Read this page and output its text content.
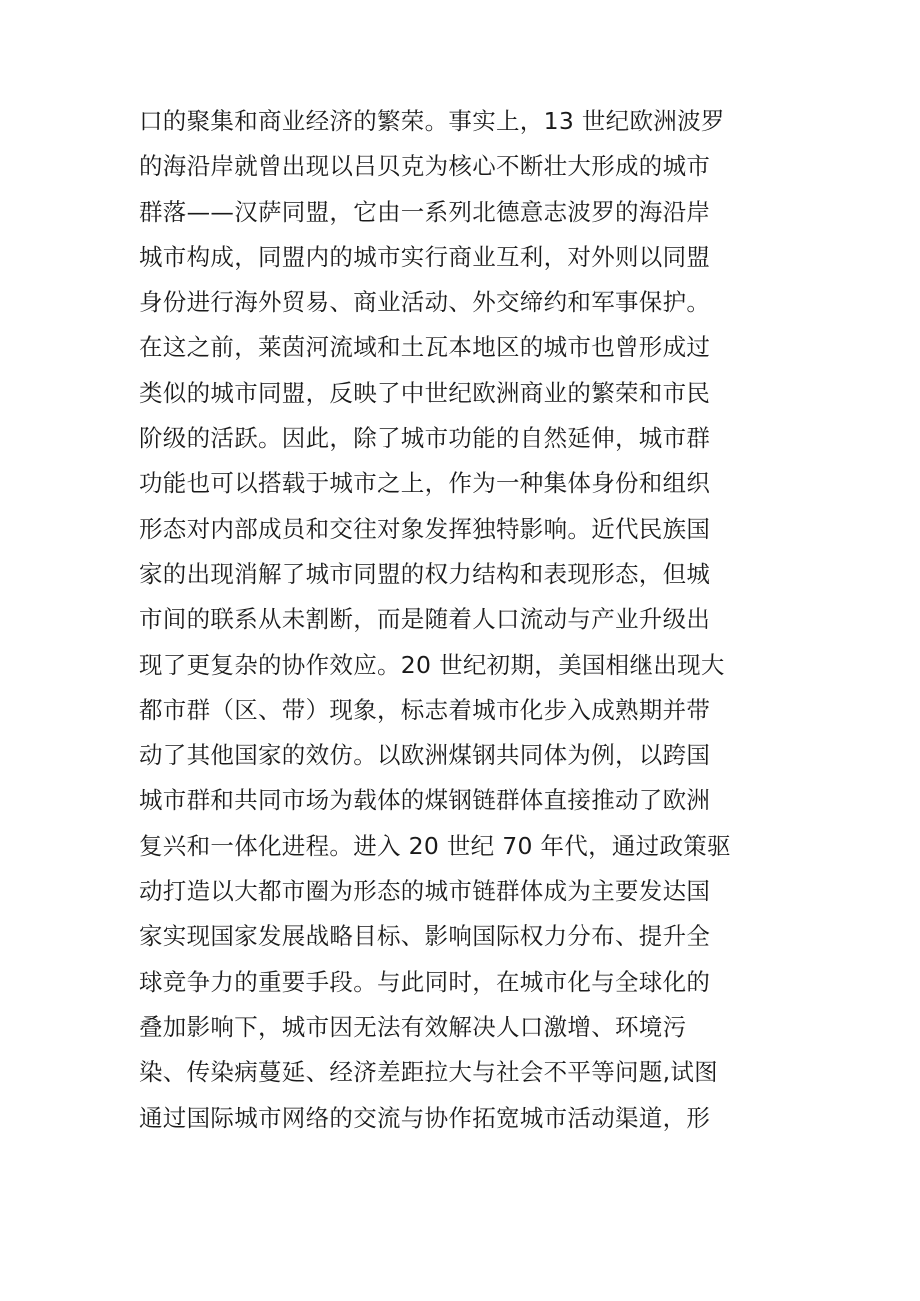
口的聚集和商业经济的繁荣。事实上，13 世纪欧洲波罗
的海沿岸就曾出现以吕贝克为核心不断壮大形成的城市
群落——汉萨同盟，它由一系列北德意志波罗的海沿岸
城市构成，同盟内的城市实行商业互利，对外则以同盟
身份进行海外贸易、商业活动、外交缔约和军事保护。
在这之前，莱茵河流域和土瓦本地区的城市也曾形成过
类似的城市同盟，反映了中世纪欧洲商业的繁荣和市民
阶级的活跃。因此，除了城市功能的自然延伸，城市群
功能也可以搭载于城市之上，作为一种集体身份和组织
形态对内部成员和交往对象发挥独特影响。近代民族国
家的出现消解了城市同盟的权力结构和表现形态，但城
市间的联系从未割断，而是随着人口流动与产业升级出
现了更复杂的协作效应。20 世纪初期，美国相继出现大
都市群（区、带）现象，标志着城市化步入成熟期并带
动了其他国家的效仿。以欧洲煤钢共同体为例，以跨国
城市群和共同市场为载体的煤钢链群体直接推动了欧洲
复兴和一体化进程。进入 20 世纪 70 年代，通过政策驱
动打造以大都市圈为形态的城市链群体成为主要发达国
家实现国家发展战略目标、影响国际权力分布、提升全
球竞争力的重要手段。与此同时，在城市化与全球化的
叠加影响下，城市因无法有效解决人口激增、环境污
染、传染病蔓延、经济差距拉大与社会不平等问题,试图
通过国际城市网络的交流与协作拓宽城市活动渠道，形
